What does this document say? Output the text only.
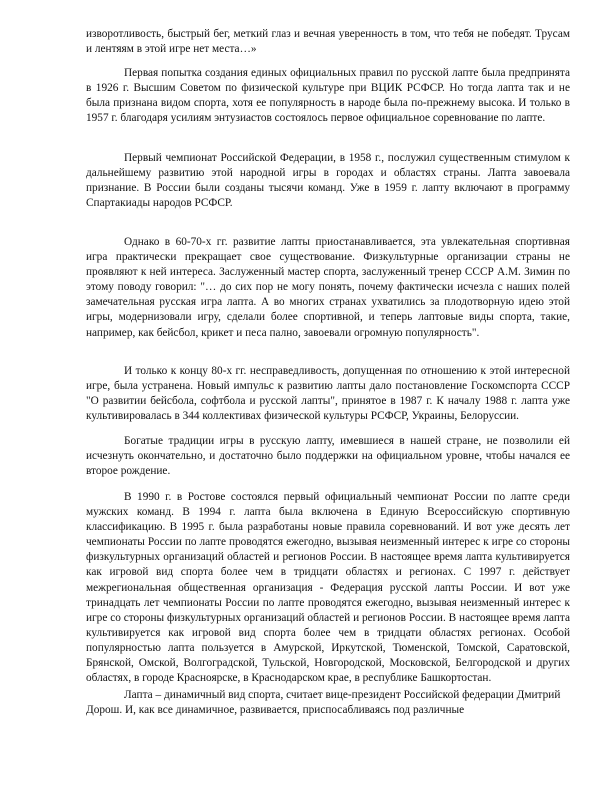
изворотливость, быстрый бег, меткий глаз и вечная уверенность в том, что тебя не победят. Трусам и лентяям в этой игре нет места…»

Первая попытка создания единых официальных правил по русской лапте была предпринята в 1926 г. Высшим Советом по физической культуре при ВЦИК РСФСР. Но тогда лапта так и не была признана видом спорта, хотя ее популярность в народе была по-прежнему высока. И только в 1957 г. благодаря усилиям энтузиастов состоялось первое официальное соревнование по лапте.

Первый чемпионат Российской Федерации, в 1958 г., послужил существенным стимулом к дальнейшему развитию этой народной игры в городах и областях страны. Лапта завоевала признание. В России были созданы тысячи команд. Уже в 1959 г. лапту включают в программу Спартакиады народов РСФСР.

Однако в 60-70-х гг. развитие лапты приостанавливается, эта увлекательная спортивная игра практически прекращает свое существование. Физкультурные организации страны не проявляют к ней интереса. Заслуженный мастер спорта, заслуженный тренер СССР А.М. Зимин по этому поводу говорил: "… до сих пор не могу понять, почему фактически исчезла с наших полей замечательная русская игра лапта. А во многих странах ухватились за плодотворную идею этой игры, модернизовали игру, сделали более спортивной, и теперь лаптовые виды спорта, такие, например, как бейсбол, крикет и песа пално, завоевали огромную популярность".

И только к концу 80-х гг. несправедливость, допущенная по отношению к этой интересной игре, была устранена. Новый импульс к развитию лапты дало постановление Госкомспорта СССР "О развитии бейсбола, софтбола и русской лапты", принятое в 1987 г. К началу 1988 г. лапта уже культивировалась в 344 коллективах физической культуры РСФСР, Украины, Белоруссии.

Богатые традиции игры в русскую лапту, имевшиеся в нашей стране, не позволили ей исчезнуть окончательно, и достаточно было поддержки на официальном уровне, чтобы начался ее второе рождение.

В 1990 г. в Ростове состоялся первый официальный чемпионат России по лапте среди мужских команд. В 1994 г. лапта была включена в Единую Всероссийскую спортивную классификацию. В 1995 г. была разработаны новые правила соревнований. И вот уже десять лет чемпионаты России по лапте проводятся ежегодно, вызывая неизменный интерес к игре со стороны физкультурных организаций областей и регионов России. В настоящее время лапта культивируется как игровой вид спорта более чем в тридцати областях и регионах. С 1997 г. действует межрегиональная общественная организация - Федерация русской лапты России. И вот уже тринадцать лет чемпионаты России по лапте проводятся ежегодно, вызывая неизменный интерес к игре со стороны физкультурных организаций областей и регионов России. В настоящее время лапта культивируется как игровой вид спорта более чем в тридцати областях регионах. Особой популярностью лапта пользуется в Амурской, Иркутской, Тюменской, Томской, Саратовской, Брянской, Омской, Волгоградской, Тульской, Новгородской, Московской, Белгородской и других областях, в городе Красноярске, в Краснодарском крае, в республике Башкортостан.

Лапта – динамичный вид спорта, считает вице-президент Российской федерации Дмитрий Дорош. И, как все динамичное, развивается, приспосабливаясь под различные
